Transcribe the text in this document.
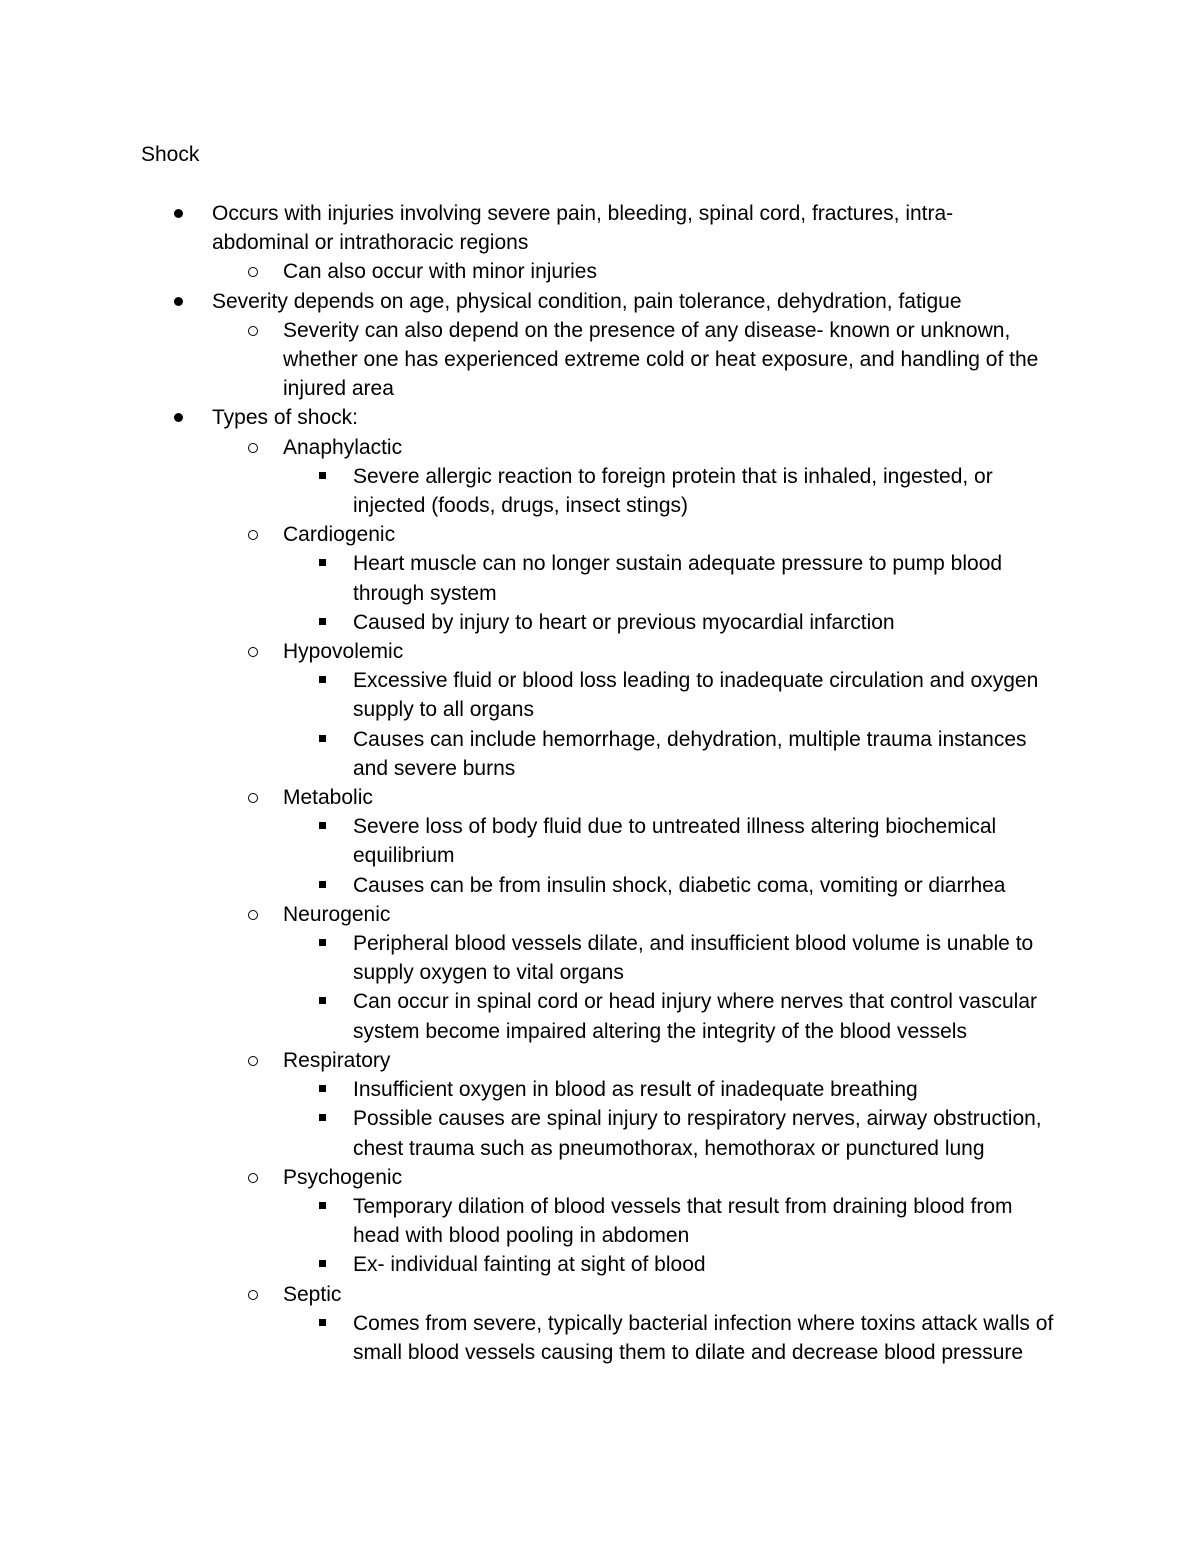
Shock
Occurs with injuries involving severe pain, bleeding, spinal cord, fractures, intra-abdominal or intrathoracic regions
Can also occur with minor injuries
Severity depends on age, physical condition, pain tolerance, dehydration, fatigue
Severity can also depend on the presence of any disease- known or unknown, whether one has experienced extreme cold or heat exposure, and handling of the injured area
Types of shock:
Anaphylactic
Severe allergic reaction to foreign protein that is inhaled, ingested, or injected (foods, drugs, insect stings)
Cardiogenic
Heart muscle can no longer sustain adequate pressure to pump blood through system
Caused by injury to heart or previous myocardial infarction
Hypovolemic
Excessive fluid or blood loss leading to inadequate circulation and oxygen supply to all organs
Causes can include hemorrhage, dehydration, multiple trauma instances and severe burns
Metabolic
Severe loss of body fluid due to untreated illness altering biochemical equilibrium
Causes can be from insulin shock, diabetic coma, vomiting or diarrhea
Neurogenic
Peripheral blood vessels dilate, and insufficient blood volume is unable to supply oxygen to vital organs
Can occur in spinal cord or head injury where nerves that control vascular system become impaired altering the integrity of the blood vessels
Respiratory
Insufficient oxygen in blood as result of inadequate breathing
Possible causes are spinal injury to respiratory nerves, airway obstruction, chest trauma such as pneumothorax, hemothorax or punctured lung
Psychogenic
Temporary dilation of blood vessels that result from draining blood from head with blood pooling in abdomen
Ex- individual fainting at sight of blood
Septic
Comes from severe, typically bacterial infection where toxins attack walls of small blood vessels causing them to dilate and decrease blood pressure
